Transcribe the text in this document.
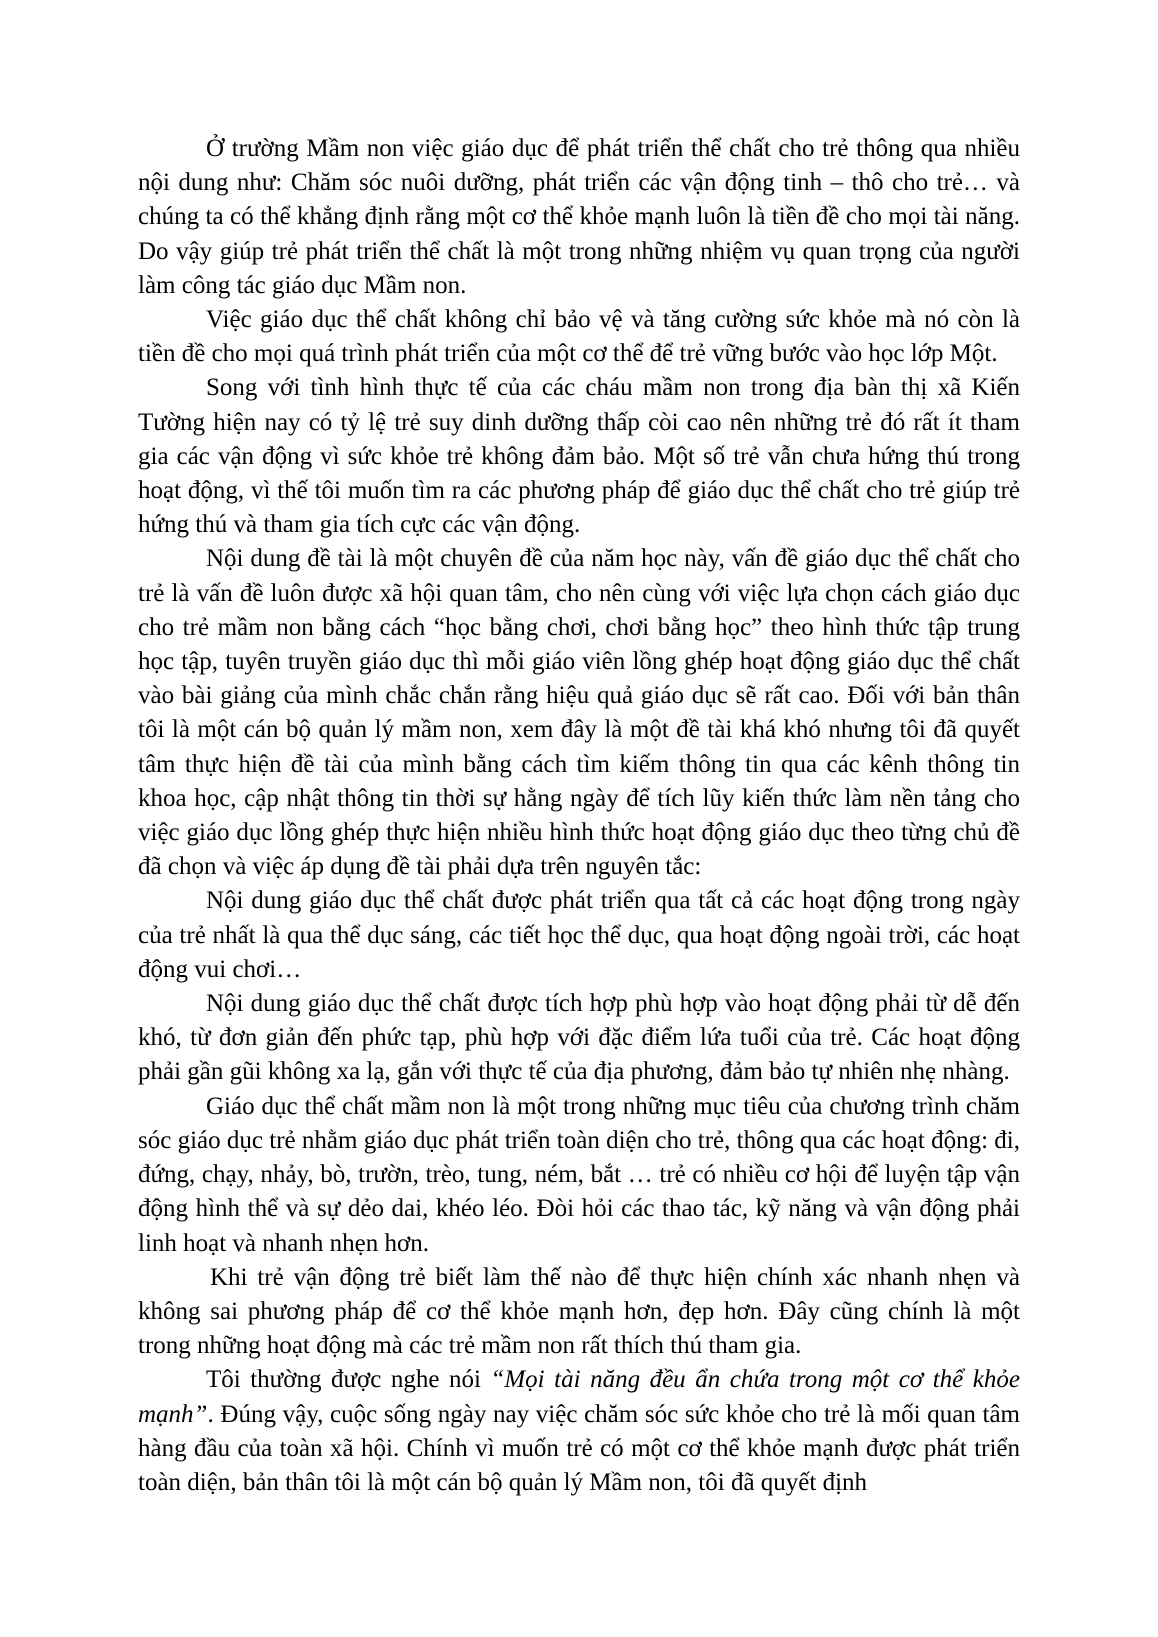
Ở trường Mầm non việc giáo dục để phát triển thể chất cho trẻ thông qua nhiều nội dung như: Chăm sóc nuôi dưỡng, phát triển các vận động tinh – thô cho trẻ… và chúng ta có thể khẳng định rằng một cơ thể khỏe mạnh luôn là tiền đề cho mọi tài năng. Do vậy giúp trẻ phát triển thể chất là một trong những nhiệm vụ quan trọng của người làm công tác giáo dục Mầm non.

Việc giáo dục thể chất không chỉ bảo vệ và tăng cường sức khỏe mà nó còn là tiền đề cho mọi quá trình phát triển của một cơ thể để trẻ vững bước vào học lớp Một.

Song với tình hình thực tế của các cháu mầm non trong địa bàn thị xã Kiến Tường hiện nay có tỷ lệ trẻ suy dinh dưỡng thấp còi cao nên những trẻ đó rất ít tham gia các vận động vì sức khỏe trẻ không đảm bảo. Một số trẻ vẫn chưa hứng thú trong hoạt động, vì thế tôi muốn tìm ra các phương pháp để giáo dục thể chất cho trẻ giúp trẻ hứng thú và tham gia tích cực các vận động.

Nội dung đề tài là một chuyên đề của năm học này, vấn đề giáo dục thể chất cho trẻ là vấn đề luôn được xã hội quan tâm, cho nên cùng với việc lựa chọn cách giáo dục cho trẻ mầm non bằng cách “học bằng chơi, chơi bằng học” theo hình thức tập trung học tập, tuyên truyền giáo dục thì mỗi giáo viên lồng ghép hoạt động giáo dục thể chất vào bài giảng của mình chắc chắn rằng hiệu quả giáo dục sẽ rất cao. Đối với bản thân tôi là một cán bộ quản lý mầm non, xem đây là một đề tài khá khó nhưng tôi đã quyết tâm thực hiện đề tài của mình bằng cách tìm kiếm thông tin qua các kênh thông tin khoa học, cập nhật thông tin thời sự hằng ngày để tích lũy kiến thức làm nền tảng cho việc giáo dục lồng ghép thực hiện nhiều hình thức hoạt động giáo dục theo từng chủ đề đã chọn và việc áp dụng đề tài phải dựa trên nguyên tắc:

Nội dung giáo dục thể chất được phát triển qua tất cả các hoạt động trong ngày của trẻ nhất là qua thể dục sáng, các tiết học thể dục, qua hoạt động ngoài trời, các hoạt động vui chơi…

Nội dung giáo dục thể chất được tích hợp phù hợp vào hoạt động phải từ dễ đến khó, từ đơn giản đến phức tạp, phù hợp với đặc điểm lứa tuổi của trẻ. Các hoạt động phải gần gũi không xa lạ, gắn với thực tế của địa phương, đảm bảo tự nhiên nhẹ nhàng.

Giáo dục thể chất mầm non là một trong những mục tiêu của chương trình chăm sóc giáo dục trẻ nhằm giáo dục phát triển toàn diện cho trẻ, thông qua các hoạt động: đi, đứng, chạy, nhảy, bò, trườn, trèo, tung, ném, bắt … trẻ có nhiều cơ hội để luyện tập vận động hình thể và sự dẻo dai, khéo léo. Đòi hỏi các thao tác, kỹ năng và vận động phải linh hoạt và nhanh nhẹn hơn.

Khi trẻ vận động trẻ biết làm thế nào để thực hiện chính xác nhanh nhẹn và không sai phương pháp để cơ thể khỏe mạnh hơn, đẹp hơn. Đây cũng chính là một trong những hoạt động mà các trẻ mầm non rất thích thú tham gia.

Tôi thường được nghe nói “Mọi tài năng đều ẩn chứa trong một cơ thể khỏe mạnh”. Đúng vậy, cuộc sống ngày nay việc chăm sóc sức khỏe cho trẻ là mối quan tâm hàng đầu của toàn xã hội. Chính vì muốn trẻ có một cơ thể khỏe mạnh được phát triển toàn diện, bản thân tôi là một cán bộ quản lý Mầm non, tôi đã quyết định
